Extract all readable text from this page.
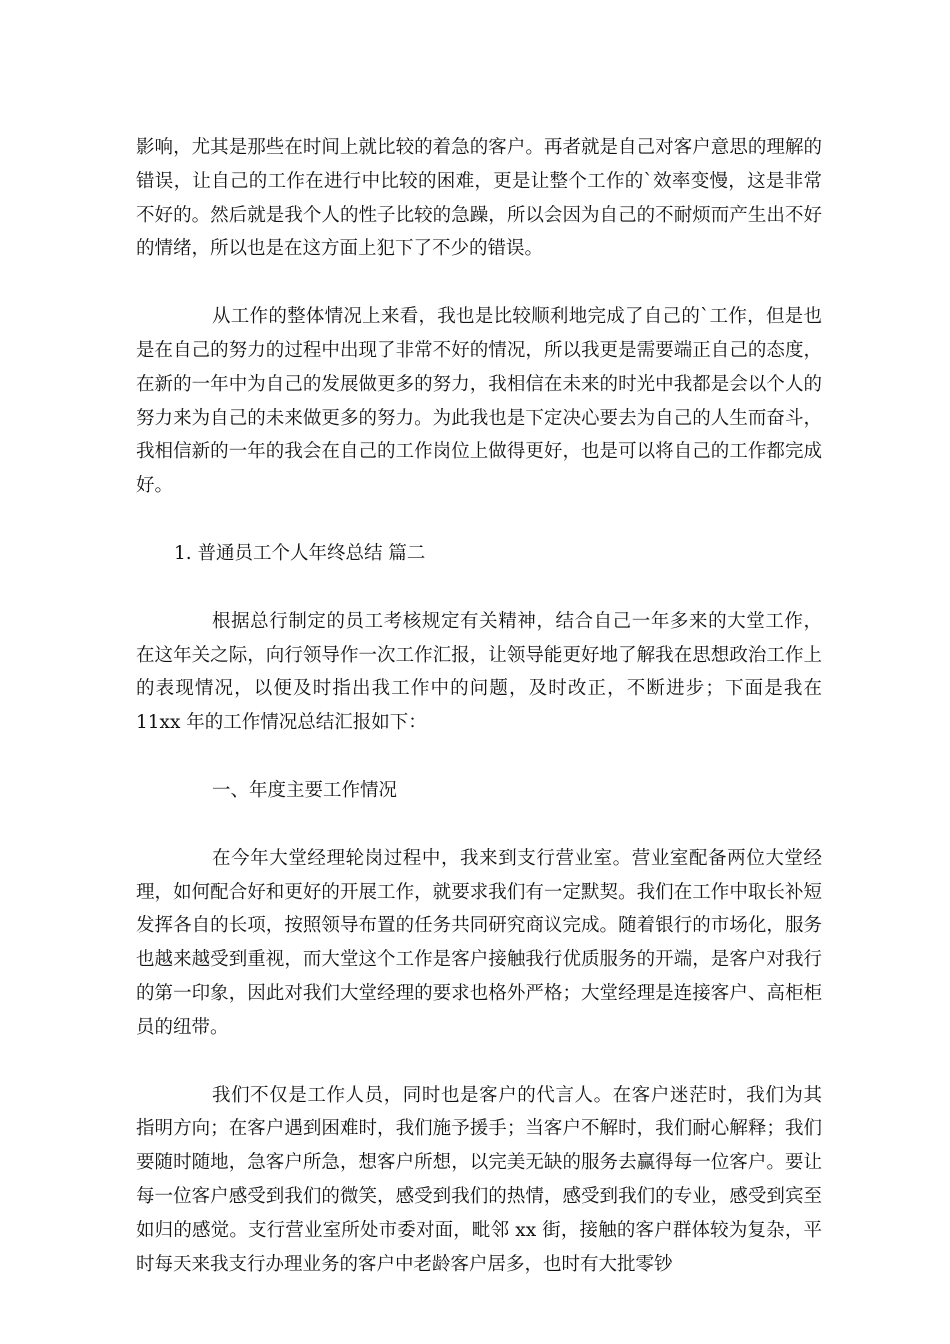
影响，尤其是那些在时间上就比较的着急的客户。再者就是自己对客户意思的理解的错误，让自己的工作在进行中比较的困难，更是让整个工作的`效率变慢，这是非常不好的。然后就是我个人的性子比较的急躁，所以会因为自己的不耐烦而产生出不好的情绪，所以也是在这方面上犯下了不少的错误。

从工作的整体情况上来看，我也是比较顺利地完成了自己的`工作，但是也是在自己的努力的过程中出现了非常不好的情况，所以我更是需要端正自己的态度，在新的一年中为自己的发展做更多的努力，我相信在未来的时光中我都是会以个人的努力来为自己的未来做更多的努力。为此我也是下定决心要去为自己的人生而奋斗，我相信新的一年的我会在自己的工作岗位上做得更好，也是可以将自己的工作都完成好。

1. 普通员工个人年终总结 篇二

根据总行制定的员工考核规定有关精神，结合自己一年多来的大堂工作，在这年关之际，向行领导作一次工作汇报，让领导能更好地了解我在思想政治工作上的表现情况，以便及时指出我工作中的问题，及时改正，不断进步；下面是我在 11xx 年的工作情况总结汇报如下：

一、年度主要工作情况

在今年大堂经理轮岗过程中，我来到支行营业室。营业室配备两位大堂经理，如何配合好和更好的开展工作，就要求我们有一定默契。我们在工作中取长补短发挥各自的长项，按照领导布置的任务共同研究商议完成。随着银行的市场化，服务也越来越受到重视，而大堂这个工作是客户接触我行优质服务的开端，是客户对我行的第一印象，因此对我们大堂经理的要求也格外严格；大堂经理是连接客户、高柜柜员的纽带。

我们不仅是工作人员，同时也是客户的代言人。在客户迷茫时，我们为其指明方向；在客户遇到困难时，我们施予援手；当客户不解时，我们耐心解释；我们要随时随地，急客户所急，想客户所想，以完美无缺的服务去赢得每一位客户。要让每一位客户感受到我们的微笑，感受到我们的热情，感受到我们的专业，感受到宾至如归的感觉。支行营业室所处市委对面，毗邻 xx 街，接触的客户群体较为复杂，平时每天来我支行办理业务的客户中老龄客户居多，也时有大批零钞
